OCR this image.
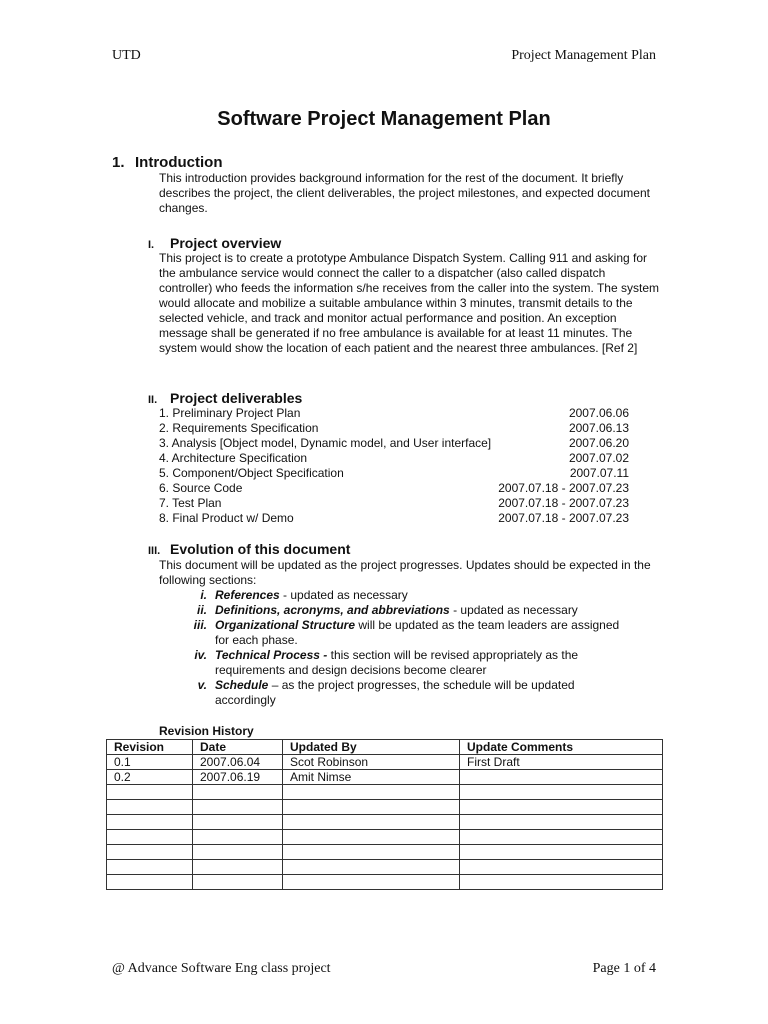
UTD	Project Management Plan
Software Project Management Plan
1. Introduction

This introduction provides background information for the rest of the document. It briefly describes the project, the client deliverables, the project milestones, and expected document changes.

I. Project overview

This project is to create a prototype Ambulance Dispatch System. Calling 911 and asking for the ambulance service would connect the caller to a dispatcher (also called dispatch controller) who feeds the information s/he receives from the caller into the system. The system would allocate and mobilize a suitable ambulance within 3 minutes, transmit details to the selected vehicle, and track and monitor actual performance and position. An exception message shall be generated if no free ambulance is available for at least 11 minutes. The system would show the location of each patient and the nearest three ambulances. [Ref 2]

II. Project deliverables
1. Preliminary Project Plan	2007.06.06
2. Requirements Specification	2007.06.13
3. Analysis [Object model, Dynamic model, and User interface]	2007.06.20
4. Architecture Specification	2007.07.02
5. Component/Object Specification	2007.07.11
6. Source Code	2007.07.18 - 2007.07.23
7. Test Plan	2007.07.18 - 2007.07.23
8. Final Product w/ Demo	2007.07.18 - 2007.07.23
III. Evolution of this document

This document will be updated as the project progresses. Updates should be expected in the following sections:

i. References - updated as necessary
ii. Definitions, acronyms, and abbreviations - updated as necessary
iii. Organizational Structure will be updated as the team leaders are assigned for each phase.
iv. Technical Process - this section will be revised appropriately as the requirements and design decisions become clearer
v. Schedule – as the project progresses, the schedule will be updated accordingly
Revision History
Revision	Date	Updated By	Update Comments
0.1	2007.06.04	Scot Robinson	First Draft
0.2	2007.06.19	Amit Nimse	

@ Advance Software Eng class project	Page 1 of 4
